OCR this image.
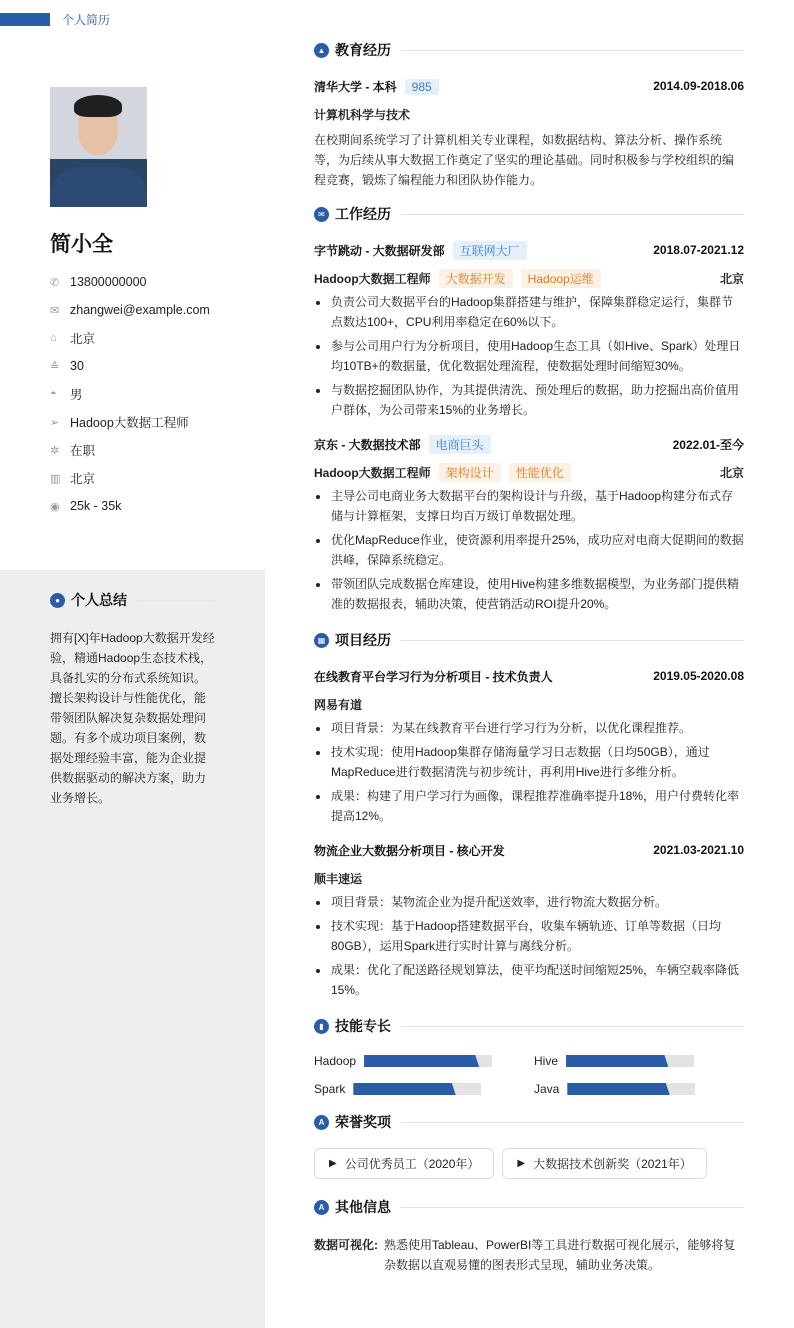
个人简历
简小全
✆ 13800000000
✉ zhangwei@example.com
⌂	北京
≙ 30
◓	男
➢ Hadoop大数据工程师
✲ 在职
▥ 北京
◉ 25k - 35k
● 个人总结
拥有[X]年Hadoop大数据开发经验，精通Hadoop生态技术栈，具备扎实的分布式系统知识。擅长架构设计与性能优化，能带领团队解决复杂数据处理问题。有多个成功项目案例，数据处理经验丰富，能为企业提供数据驱动的解决方案，助力业务增长。
▲ 教育经历
清华大学 - 本科 985	2014.09-2018.06
计算机科学与技术
在校期间系统学习了计算机相关专业课程，如数据结构、算法分析、操作系统等，为后续从事大数据工作奠定了坚实的理论基础。同时积极参与学校组织的编程竞赛，锻炼了编程能力和团队协作能力。
✉ 工作经历
字节跳动 - 大数据研发部 互联网大厂	2018.07-2021.12
Hadoop大数据工程师 大数据开发 Hadoop运维	北京
负责公司大数据平台的Hadoop集群搭建与维护，保障集群稳定运行，集群节点数达100+，CPU利用率稳定在60%以下。
参与公司用户行为分析项目，使用Hadoop生态工具（如Hive、Spark）处理日均10TB+的数据量，优化数据处理流程，使数据处理时间缩短30%。
与数据挖掘团队协作，为其提供清洗、预处理后的数据，助力挖掘出高价值用户群体，为公司带来15%的业务增长。
京东 - 大数据技术部 电商巨头	2022.01-至今
Hadoop大数据工程师 架构设计 性能优化	北京
主导公司电商业务大数据平台的架构设计与升级，基于Hadoop构建分布式存储与计算框架，支撑日均百万级订单数据处理。
优化MapReduce作业，使资源利用率提升25%，成功应对电商大促期间的数据洪峰，保障系统稳定。
带领团队完成数据仓库建设，使用Hive构建多维数据模型，为业务部门提供精准的数据报表，辅助决策，使营销活动ROI提升20%。
▦ 项目经历
在线教育平台学习行为分析项目 - 技术负责人	2019.05-2020.08
网易有道
项目背景：为某在线教育平台进行学习行为分析，以优化课程推荐。
技术实现：使用Hadoop集群存储海量学习日志数据（日均50GB），通过MapReduce进行数据清洗与初步统计，再利用Hive进行多维分析。
成果：构建了用户学习行为画像，课程推荐准确率提升18%，用户付费转化率提高12%。
物流企业大数据分析项目 - 核心开发	2021.03-2021.10
顺丰速运
项目背景：某物流企业为提升配送效率，进行物流大数据分析。
技术实现：基于Hadoop搭建数据平台，收集车辆轨迹、订单等数据（日均80GB），运用Spark进行实时计算与离线分析。
成果：优化了配送路径规划算法，使平均配送时间缩短25%，车辆空载率降低15%。
▮ 技能专长
Hadoop	Hive
Spark	Java
A 荣誉奖项
▶ 公司优秀员工（2020年）	▶ 大数据技术创新奖（2021年）
A 其他信息
数据可视化: 熟悉使用Tableau、PowerBI等工具进行数据可视化展示，能够将复杂数据以直观易懂的图表形式呈现，辅助业务决策。
